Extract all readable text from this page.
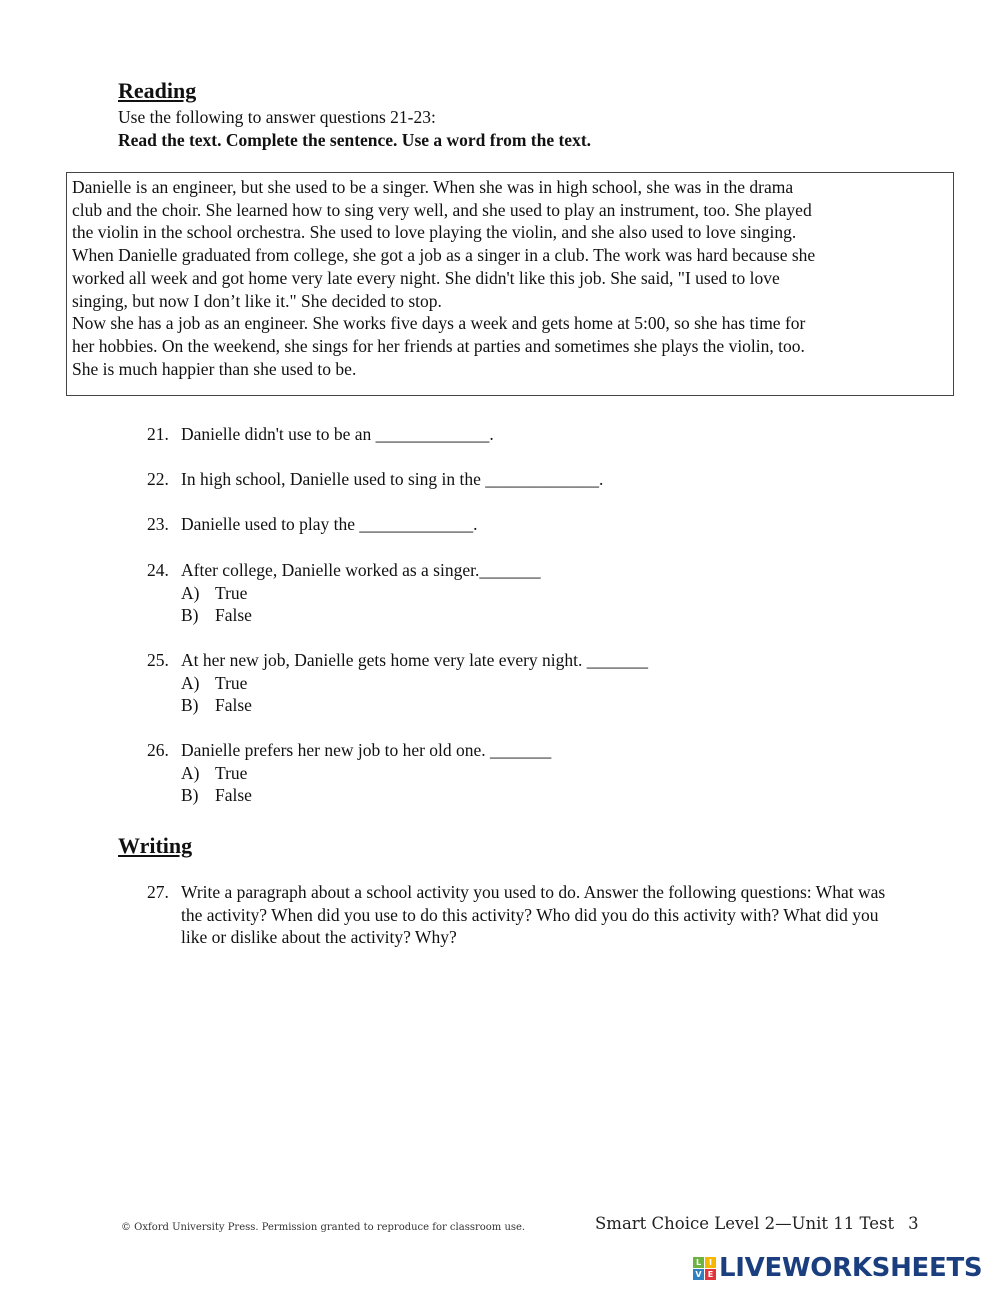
Reading
Use the following to answer questions 21-23:
Read the text. Complete the sentence. Use a word from the text.

Danielle is an engineer, but she used to be a singer. When she was in high school, she was in the drama

club and the choir. She learned how to sing very well, and she used to play an instrument, too. She played

the violin in the school orchestra. She used to love playing the violin, and she also used to love singing.

When Danielle graduated from college, she got a job as a singer in a club. The work was hard because she

worked all week and got home very late every night. She didn't like this job. She said, "I used to love

singing, but now I don’t like it." She decided to stop.

Now she has a job as an engineer. She works five days a week and gets home at 5:00, so she has time for

her hobbies. On the weekend, she sings for her friends at parties and sometimes she plays the violin, too.

She is much happier than she used to be.

21. Danielle didn't use to be an _____________.
22. In high school, Danielle used to sing in the _____________.
23. Danielle used to play the _____________.
24. After college, Danielle worked as a singer._______
A) True
B) False
25. At her new job, Danielle gets home very late every night. _______
A) True
B) False
26. Danielle prefers her new job to her old one. _______
A) True
B) False
Writing
27. Write a paragraph about a school activity you used to do. Answer the following questions: What was the activity? When did you use to do this activity? Who did you do this activity with? What did you like or dislike about the activity? Why?
© Oxford University Press. Permission granted to reproduce for classroom use.	Smart Choice Level 2—Unit 11 Test 3
L I
V E LIVEWORKSHEETS
